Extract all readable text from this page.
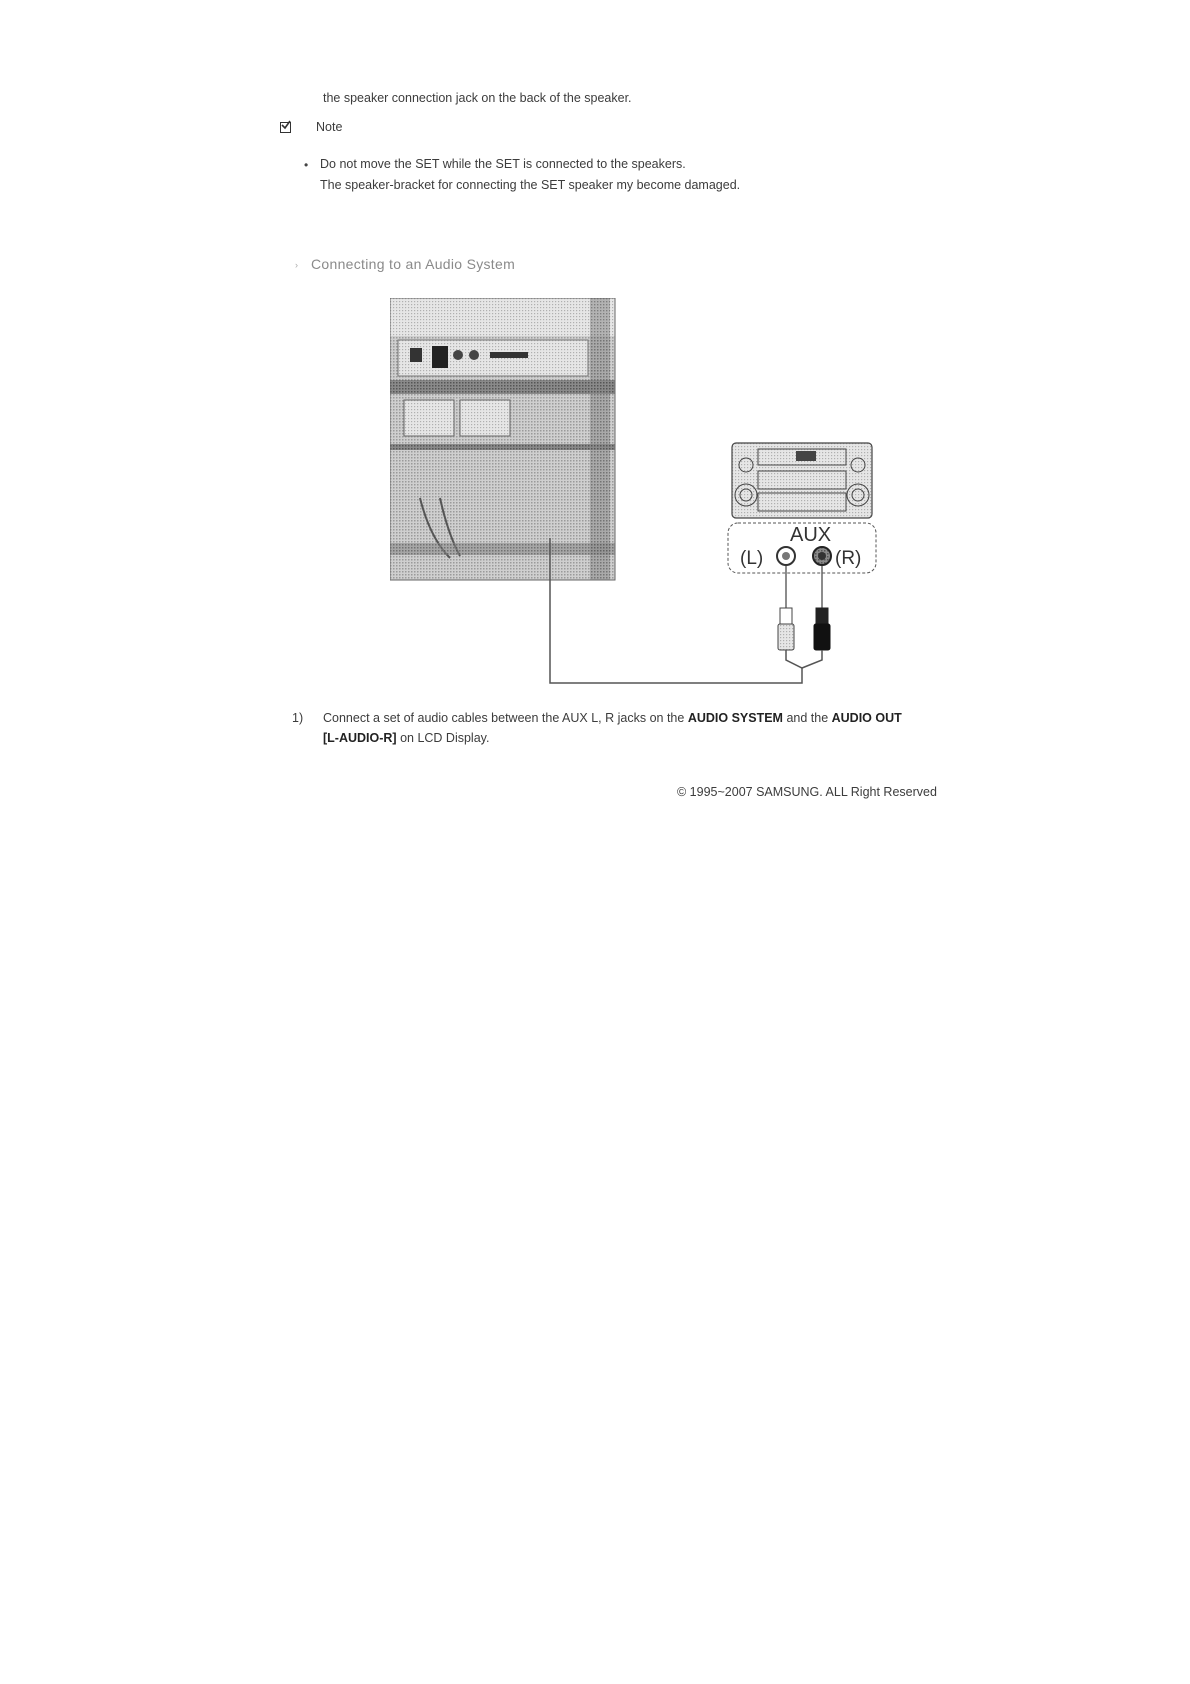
the speaker connection jack on the back of the speaker.
Note
• Do not move the SET while the SET is connected to the speakers.
The speaker-bracket for connecting the SET speaker my become damaged.
› Connecting to an Audio System
AUX
(L)	(R)
1) Connect a set of audio cables between the AUX L, R jacks on the AUDIO SYSTEM and the AUDIO OUT
[L-AUDIO-R] on LCD Display.
© 1995~2007 SAMSUNG. ALL Right Reserved
